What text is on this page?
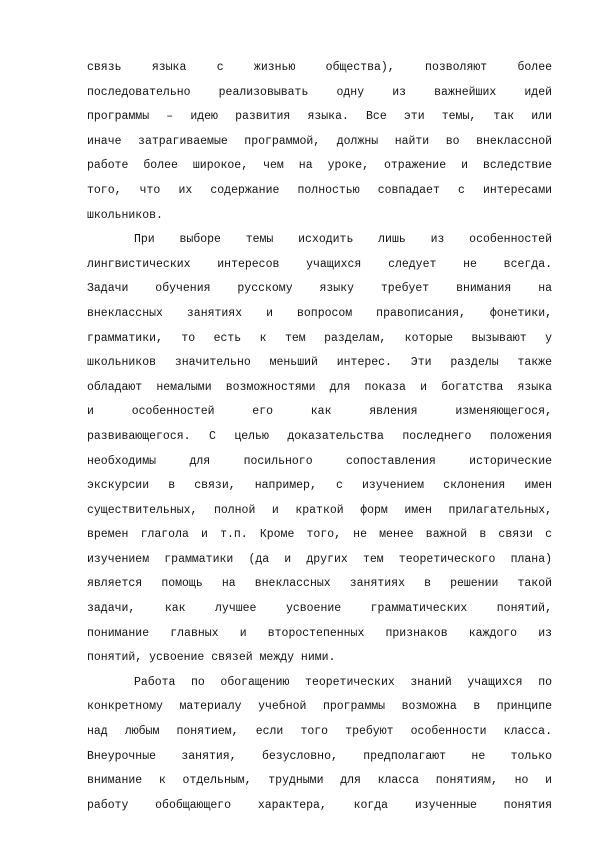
связь языка с жизнью общества), позволяют более
последовательно реализовывать одну из важнейших идей
программы – идею развития языка. Все эти темы, так или
иначе затрагиваемые программой, должны найти во внеклассной
работе более широкое, чем на уроке, отражение и вследствие
того, что их содержание полностью совпадает с интересами
школьников.
При выборе темы исходить лишь из особенностей
лингвистических интересов учащихся следует не всегда.
Задачи обучения русскому языку требует внимания на
внеклассных занятиях и вопросом правописания, фонетики,
грамматики, то есть к тем разделам, которые вызывают у
школьников значительно меньший интерес. Эти разделы также
обладают немалыми возможностями для показа и богатства языка
и особенностей его как явления изменяющегося,
развивающегося. С целью доказательства последнего положения
необходимы для посильного сопоставления исторические
экскурсии в связи, например, с изучением склонения имен
существительных, полной и краткой форм имен прилагательных,
времен глагола и т.п. Кроме того, не менее важной в связи с
изучением грамматики (да и других тем теоретического плана)
является помощь на внеклассных занятиях в решении такой
задачи, как лучшее усвоение грамматических понятий,
понимание главных и второстепенных признаков каждого из
понятий, усвоение связей между ними.
Работа по обогащению теоретических знаний учащихся по
конкретному материалу учебной программы возможна в принципе
над любым понятием, если того требуют особенности класса.
Внеурочные занятия, безусловно, предполагают не только
внимание к отдельным, трудными для класса понятиям, но и
работу обобщающего характера, когда изученные понятия
